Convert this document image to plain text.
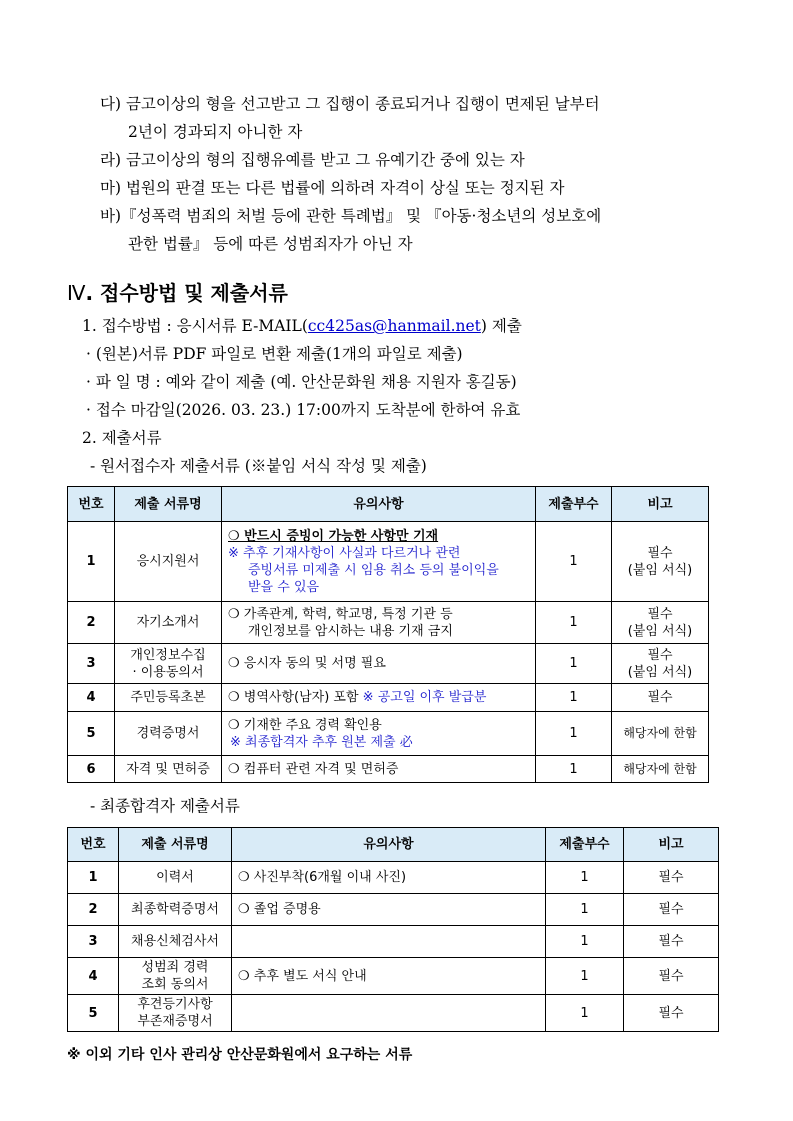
다) 금고이상의 형을 선고받고 그 집행이 종료되거나 집행이 면제된 날부터
2년이 경과되지 아니한 자
라) 금고이상의 형의 집행유예를 받고 그 유예기간 중에 있는 자
마) 법원의 판결 또는 다른 법률에 의하려 자격이 상실 또는 정지된 자
바)『성폭력 범죄의 처벌 등에 관한 특례법』 및 『아동·청소년의 성보호에
관한 법률』 등에 따른 성범죄자가 아닌 자
Ⅳ. 접수방법 및 제출서류
1. 접수방법 : 응시서류 E-MAIL(cc425as@hanmail.net) 제출
· (원본)서류 PDF 파일로 변환 제출(1개의 파일로 제출)
· 파 일 명 : 예와 같이 제출 (예. 안산문화원 채용 지원자 홍길동)
· 접수 마감일(2026. 03. 23.) 17:00까지 도착분에 한하여 유효
2. 제출서류
- 원서접수자 제출서류 (※붙임 서식 작성 및 제출)
번호	제출 서류명	유의사항	제출부수	비고
1	응시지원서	❍ 반드시 증빙이 가능한 사항만 기재
※ 추후 기재사항이 사실과 다르거나 관련

증빙서류 미제출 시 임용 취소 등의 불이익을
받을 수 있음	1	필수
(붙임 서식)
2	자기소개서	❍ 가족관계, 학력, 학교명, 특정 기관 등

개인정보를 암시하는 내용 기재 금지	1	필수
(붙임 서식)
3	개인정보수집
· 이용동의서	❍ 응시자 동의 및 서명 필요	1	필수
(붙임 서식)
4	주민등록초본	❍ 병역사항(남자) 포함 ※ 공고일 이후 발급분	1	필수
5	경력증명서	❍ 기재한 주요 경력 확인용
※ 최종합격자 추후 원본 제출 必	1	해당자에 한함
6	자격 및 면허증	❍ 컴퓨터 관련 자격 및 면허증	1	해당자에 한함
- 최종합격자 제출서류
번호	제출 서류명	유의사항	제출부수	비고
1	이력서	❍ 사진부착(6개월 이내 사진)	1	필수
2	최종학력증명서	❍ 졸업 증명용	1	필수
3	채용신체검사서		1	필수
4	성범죄 경력
조회 동의서	❍ 추후 별도 서식 안내	1	필수
5	후견등기사항
부존재증명서		1	필수
※ 이외 기타 인사 관리상 안산문화원에서 요구하는 서류
